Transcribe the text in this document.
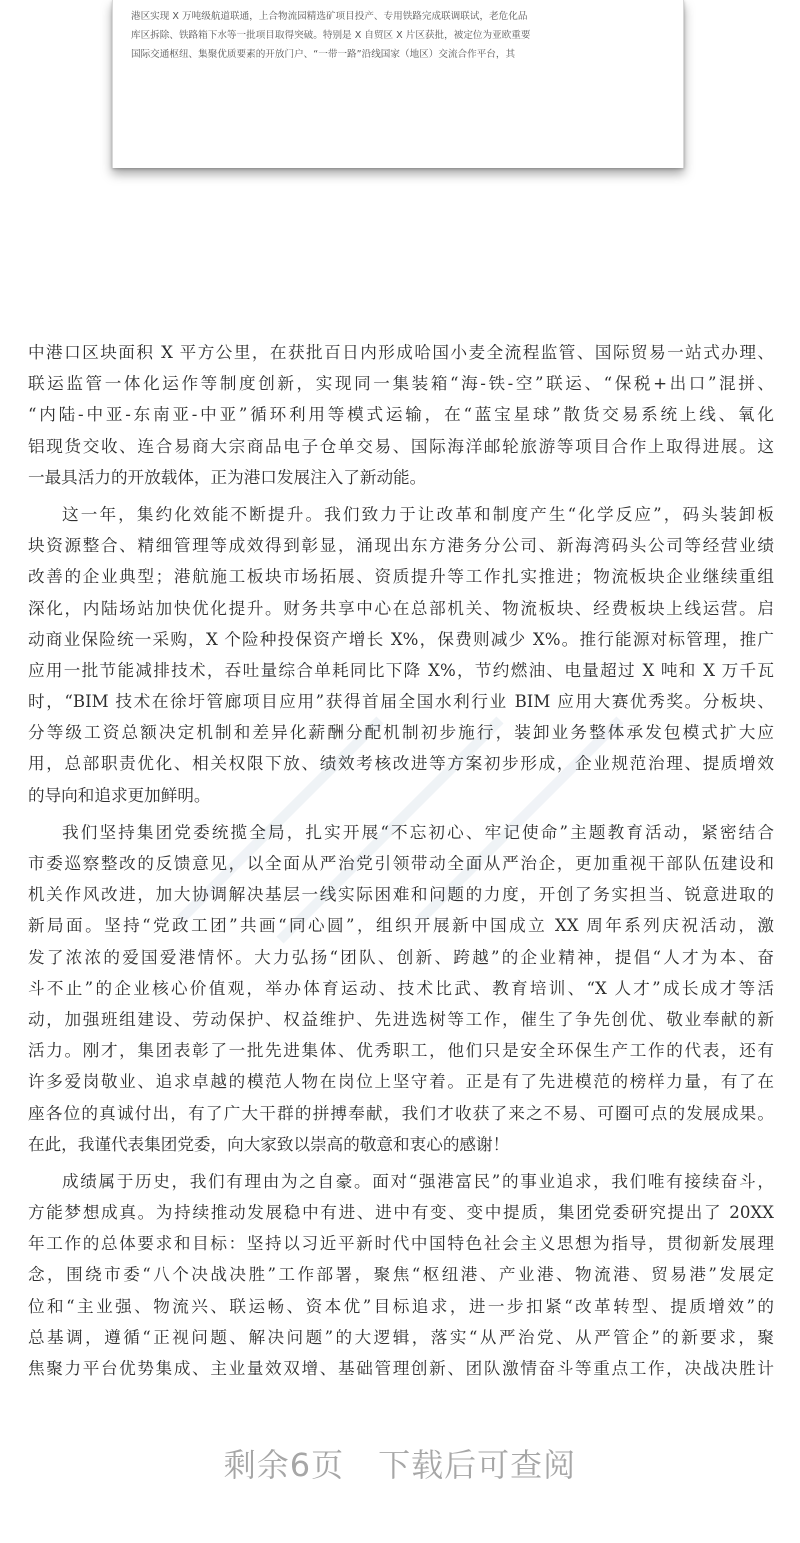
港区实现 X 万吨级航道联通，上合物流园精选矿项目投产、专用铁路完成联调联试，老危化品
库区拆除、铁路箱下水等一批项目取得突破。特别是 X 自贸区 X 片区获批，被定位为亚欧重要
国际交通枢纽、集聚优质要素的开放门户、“一带一路”沿线国家（地区）交流合作平台，其
中港口区块面积 X 平方公里，在获批百日内形成哈国小麦全流程监管、国际贸易一站式办理、
联运监管一体化运作等制度创新，实现同一集装箱“海-铁-空”联运、“保税+出口”混拼、
“内陆-中亚-东南亚-中亚”循环利用等模式运输，在“蓝宝星球”散货交易系统上线、氧化
铝现货交收、连合易商大宗商品电子仓单交易、国际海洋邮轮旅游等项目合作上取得进展。这
一最具活力的开放载体，正为港口发展注入了新动能。
这一年，集约化效能不断提升。我们致力于让改革和制度产生“化学反应”，码头装卸板
块资源整合、精细管理等成效得到彰显，涌现出东方港务分公司、新海湾码头公司等经营业绩
改善的企业典型；港航施工板块市场拓展、资质提升等工作扎实推进；物流板块企业继续重组
深化，内陆场站加快优化提升。财务共享中心在总部机关、物流板块、经费板块上线运营。启
动商业保险统一采购，X 个险种投保资产增长 X%，保费则减少 X%。推行能源对标管理，推广
应用一批节能减排技术，吞吐量综合单耗同比下降 X%，节约燃油、电量超过 X 吨和 X 万千瓦
时，“BIM 技术在徐圩管廊项目应用”获得首届全国水利行业 BIM 应用大赛优秀奖。分板块、
分等级工资总额决定机制和差异化薪酬分配机制初步施行，装卸业务整体承发包模式扩大应
用，总部职责优化、相关权限下放、绩效考核改进等方案初步形成，企业规范治理、提质增效
的导向和追求更加鲜明。
我们坚持集团党委统揽全局，扎实开展“不忘初心、牢记使命”主题教育活动，紧密结合
市委巡察整改的反馈意见，以全面从严治党引领带动全面从严治企，更加重视干部队伍建设和
机关作风改进，加大协调解决基层一线实际困难和问题的力度，开创了务实担当、锐意进取的
新局面。坚持“党政工团”共画“同心圆”，组织开展新中国成立 XX 周年系列庆祝活动，激
发了浓浓的爱国爱港情怀。大力弘扬“团队、创新、跨越”的企业精神，提倡“人才为本、奋
斗不止”的企业核心价值观，举办体育运动、技术比武、教育培训、“X 人才”成长成才等活
动，加强班组建设、劳动保护、权益维护、先进选树等工作，催生了争先创优、敬业奉献的新
活力。刚才，集团表彰了一批先进集体、优秀职工，他们只是安全环保生产工作的代表，还有
许多爱岗敬业、追求卓越的模范人物在岗位上坚守着。正是有了先进模范的榜样力量，有了在
座各位的真诚付出，有了广大干群的拼搏奉献，我们才收获了来之不易、可圈可点的发展成果。
在此，我谨代表集团党委，向大家致以崇高的敬意和衷心的感谢！
成绩属于历史，我们有理由为之自豪。面对“强港富民”的事业追求，我们唯有接续奋斗，
方能梦想成真。为持续推动发展稳中有进、进中有变、变中提质，集团党委研究提出了 20XX
年工作的总体要求和目标：坚持以习近平新时代中国特色社会主义思想为指导，贯彻新发展理
念，围绕市委“八个决战决胜”工作部署，聚焦“枢纽港、产业港、物流港、贸易港”发展定
位和“主业强、物流兴、联运畅、资本优”目标追求，进一步扣紧“改革转型、提质增效”的
总基调，遵循“正视问题、解决问题”的大逻辑，落实“从严治党、从严管企”的新要求，聚
焦聚力平台优势集成、主业量效双增、基础管理创新、团队激情奋斗等重点工作，决战决胜计
剩余6页 下载后可查阅
